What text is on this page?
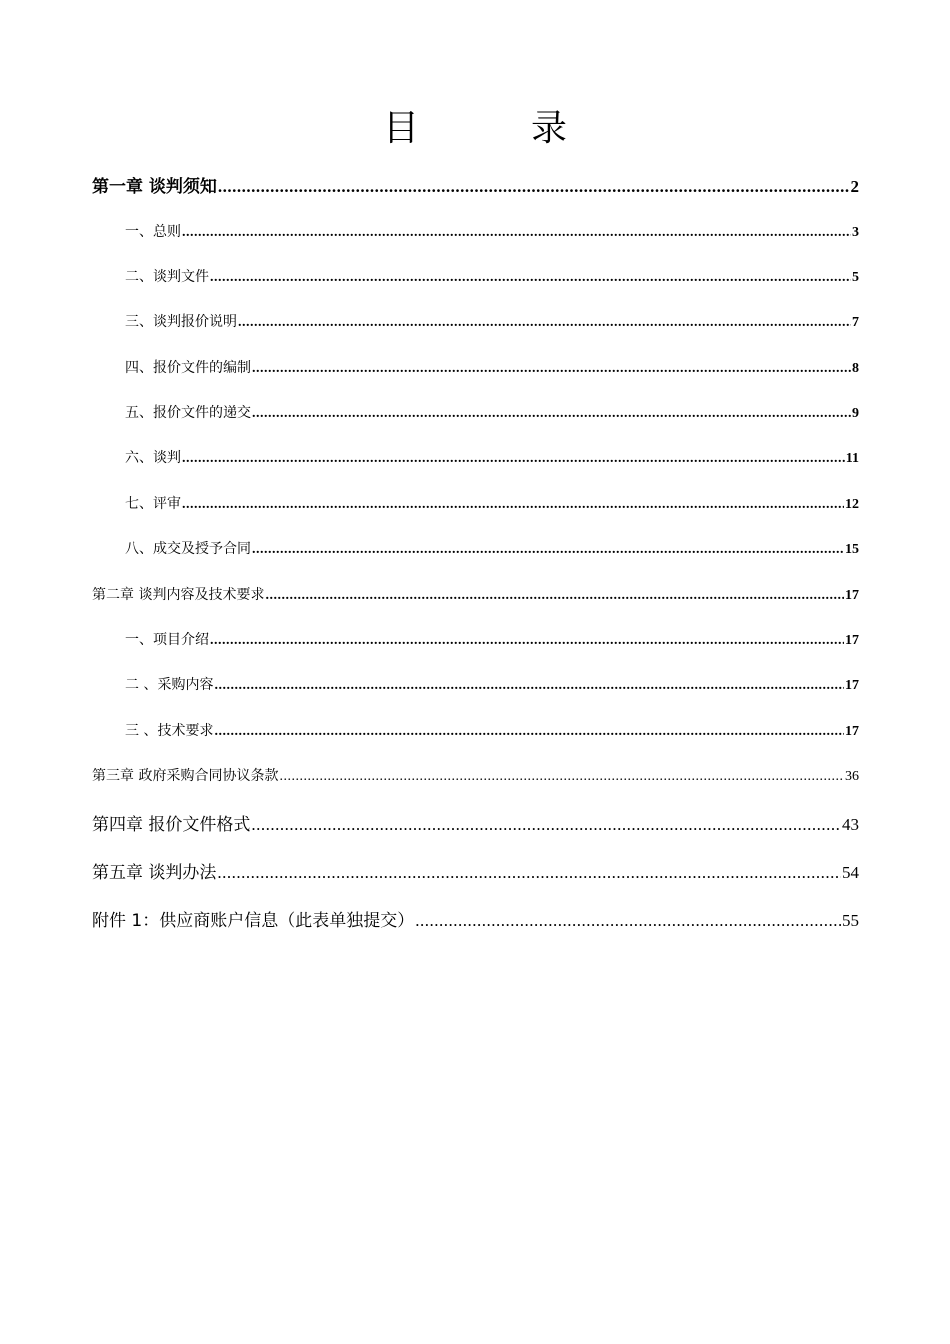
目	录
第一章 谈判须知 .....	2
一、总则 .....	3
二、谈判文件 .....	5
三、谈判报价说明 .....	7
四、报价文件的编制 .....	8
五、报价文件的递交 .....	9
六、谈判 .....	11
七、评审 .....	12
八、成交及授予合同 .....	15
第二章 谈判内容及技术要求 .....	17
一、项目介绍 .....	17
二 、采购内容 .....	17
三 、技术要求 .....	17
第三章 政府采购合同协议条款 .....	36
第四章 报价文件格式 .....	43
第五章 谈判办法 .....	54
附件 1：供应商账户信息（此表单独提交） .....	55
